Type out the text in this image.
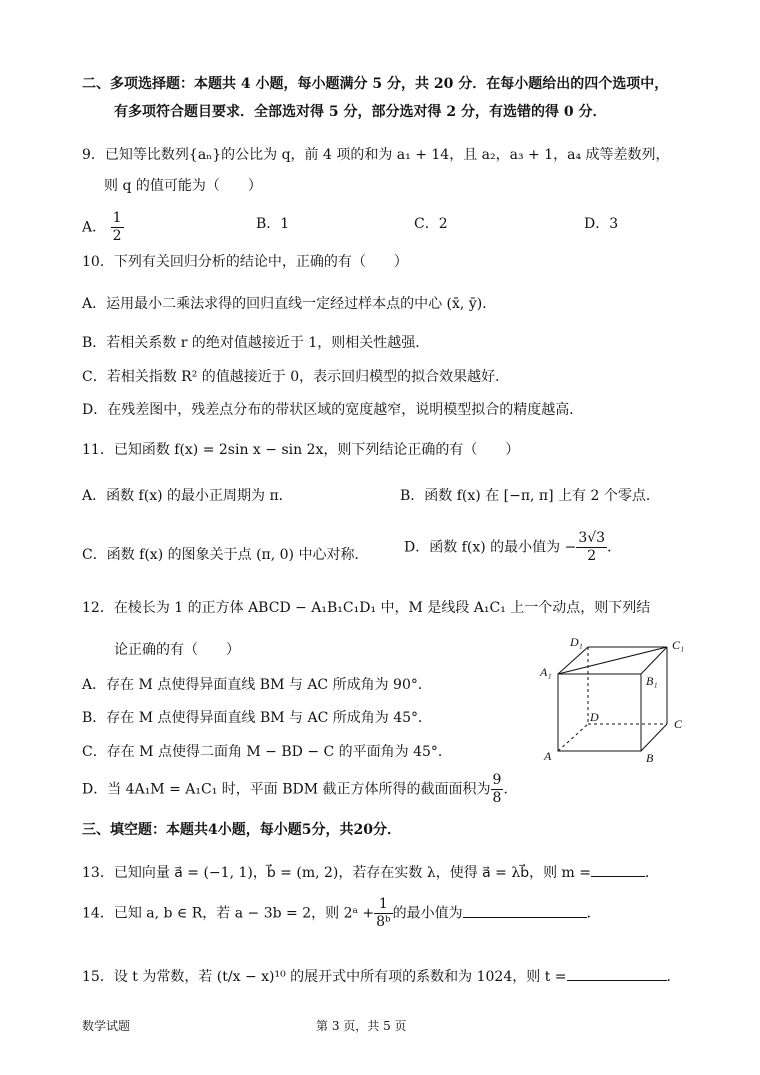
二、多项选择题：本题共 4 小题，每小题满分 5 分，共 20 分．在每小题给出的四个选项中，
有多项符合题目要求．全部选对得 5 分，部分选对得 2 分，有选错的得 0 分．
9．已知等比数列{aₙ}的公比为 q，前 4 项的和为 a₁ + 14，且 a₂，a₃ + 1，a₄ 成等差数列，
则 q 的值可能为（　　）
A． $\frac{1}{2}$	B．1	C．2	D．3
10．下列有关回归分析的结论中，正确的有（　　）
A．运用最小二乘法求得的回归直线一定经过样本点的中心 (x̄, ȳ)．
B．若相关系数 r 的绝对值越接近于 1，则相关性越强．
C．若相关指数 R² 的值越接近于 0，表示回归模型的拟合效果越好．
D．在残差图中，残差点分布的带状区域的宽度越窄，说明模型拟合的精度越高．
11．已知函数 f(x) = 2sin x − sin 2x，则下列结论正确的有（　　）
A．函数 f(x) 的最小正周期为 π．	B．函数 f(x) 在 [−π, π] 上有 2 个零点．
C．函数 f(x) 的图象关于点 (π, 0) 中心对称．	D．函数 f(x) 的最小值为 − $\frac{3√3}{2}$ ．
12．在棱长为 1 的正方体 ABCD − A₁B₁C₁D₁ 中，M 是线段 A₁C₁ 上一个动点，则下列结
论正确的有（　　）
A．存在 M 点使得异面直线 BM 与 AC 所成角为 90°．
B．存在 M 点使得异面直线 BM 与 AC 所成角为 45°．
C．存在 M 点使得二面角 M − BD − C 的平面角为 45°．
D．当 4A₁M = A₁C₁ 时，平面 BDM 截正方体所得的截面面积为 $\frac{9}{8}$ ．
D₁	C₁
A₁
B₁
D	C
A	B
三、填空题：本题共4小题，每小题5分，共20分．
13．已知向量 a⃗ = (−1, 1)，b⃗ = (m, 2)，若存在实数 λ，使得 a⃗ = λb⃗，则 m =	．
14．已知 a, b ∈ R，若 a − 3b = 2，则 2ᵃ + $\frac{1}{\text{8ᵇ}}$ 的最小值为	．
15．设 t 为常数，若 (t/x − x)¹⁰ 的展开式中所有项的系数和为 1024，则 t =	．
数学试题	第 3 页，共 5 页
